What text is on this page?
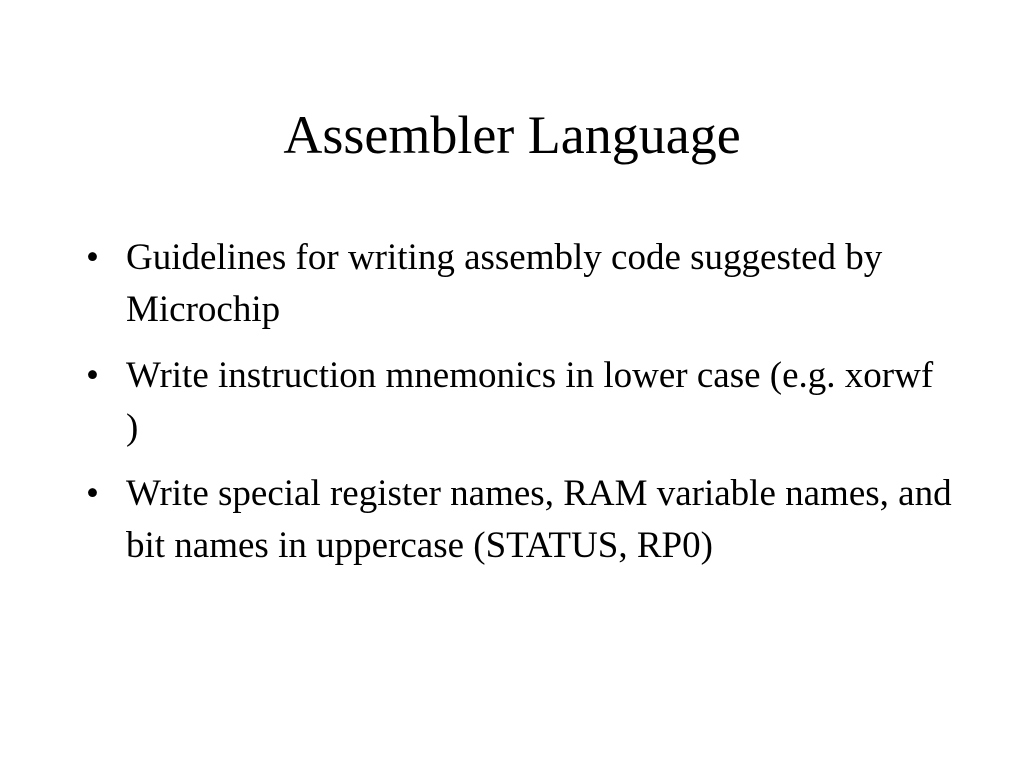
Assembler Language
• Guidelines for writing assembly code suggested by Microchip
• Write instruction mnemonics in lower case (e.g. xorwf )
• Write special register names, RAM variable names, and bit names in uppercase (STATUS, RP0)
